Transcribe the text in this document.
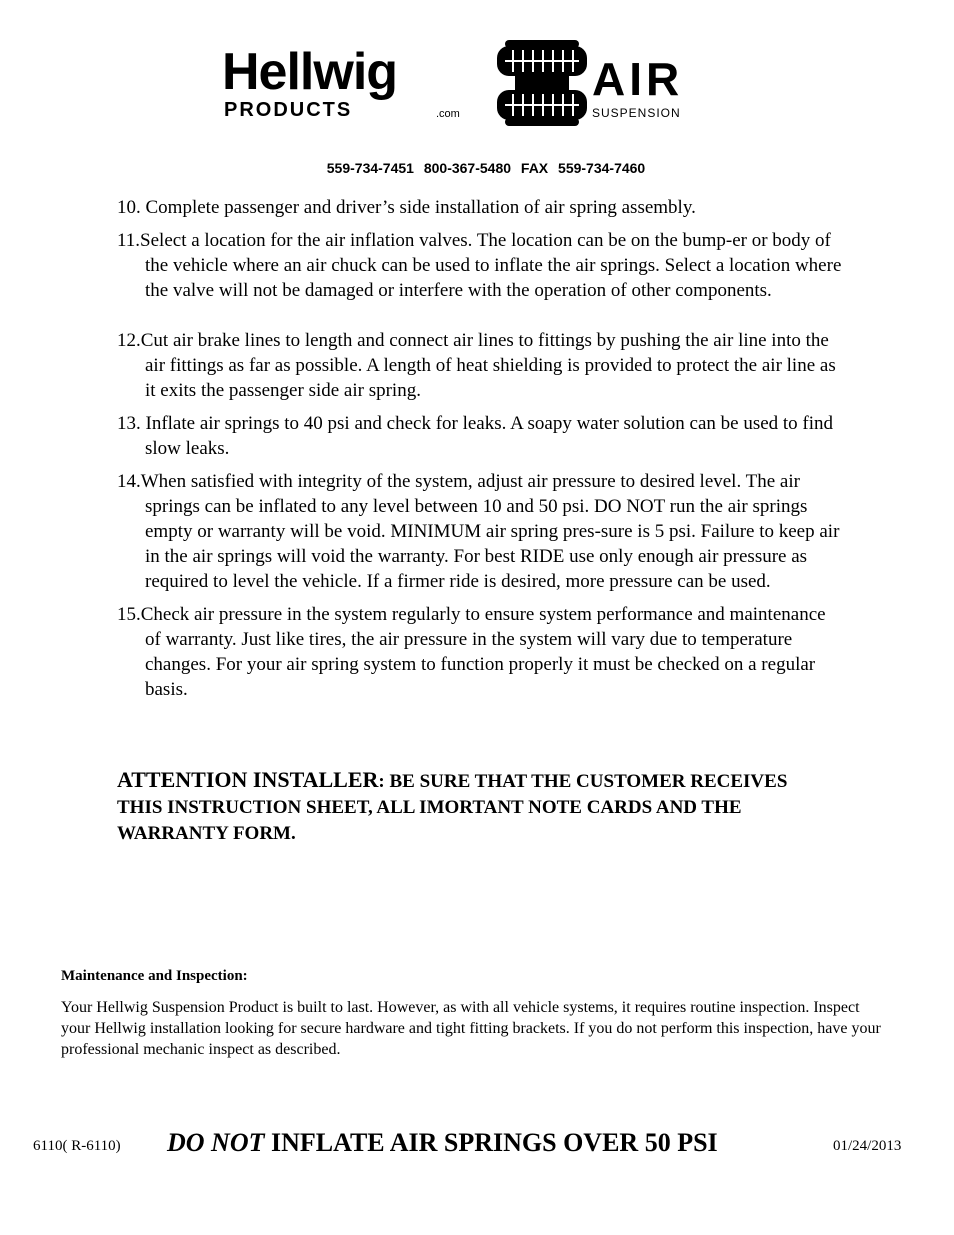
Hellwig
PRODUCTS	.com
AIR
SUSPENSION
559-734-7451 800-367-5480 FAX 559-734-7460

10. Complete passenger and driver’s side installation of air spring assembly.

11.Select a location for the air inflation valves. The location can be on the bump-er or body of the vehicle where an air chuck can be used to inflate the air springs. Select a location where the valve will not be damaged or interfere with the operation of other components.

12.Cut air brake lines to length and connect air lines to fittings by pushing the air line into the air fittings as far as possible. A length of heat shielding is provided to protect the air line as it exits the passenger side air spring.

13. Inflate air springs to 40 psi and check for leaks. A soapy water solution can be used to find slow leaks.

14.When satisfied with integrity of the system, adjust air pressure to desired level. The air springs can be inflated to any level between 10 and 50 psi. DO NOT run the air springs empty or warranty will be void. MINIMUM air spring pres-sure is 5 psi. Failure to keep air in the air springs will void the warranty. For best RIDE use only enough air pressure as required to level the vehicle. If a firmer ride is desired, more pressure can be used.

15.Check air pressure in the system regularly to ensure system performance and maintenance of warranty. Just like tires, the air pressure in the system will vary due to temperature changes. For your air spring system to function properly it must be checked on a regular basis.

ATTENTION INSTALLER: BE SURE THAT THE CUSTOMER RECEIVES THIS INSTRUCTION SHEET, ALL IMORTANT NOTE CARDS AND THE WARRANTY FORM.
Maintenance and Inspection:
Your Hellwig Suspension Product is built to last. However, as with all vehicle systems, it requires routine inspection. Inspect your Hellwig installation looking for secure hardware and tight fitting brackets. If you do not perform this inspection, have your professional mechanic inspect as described.
6110( R-6110) DO NOT INFLATE AIR SPRINGS OVER 50 PSI	01/24/2013
